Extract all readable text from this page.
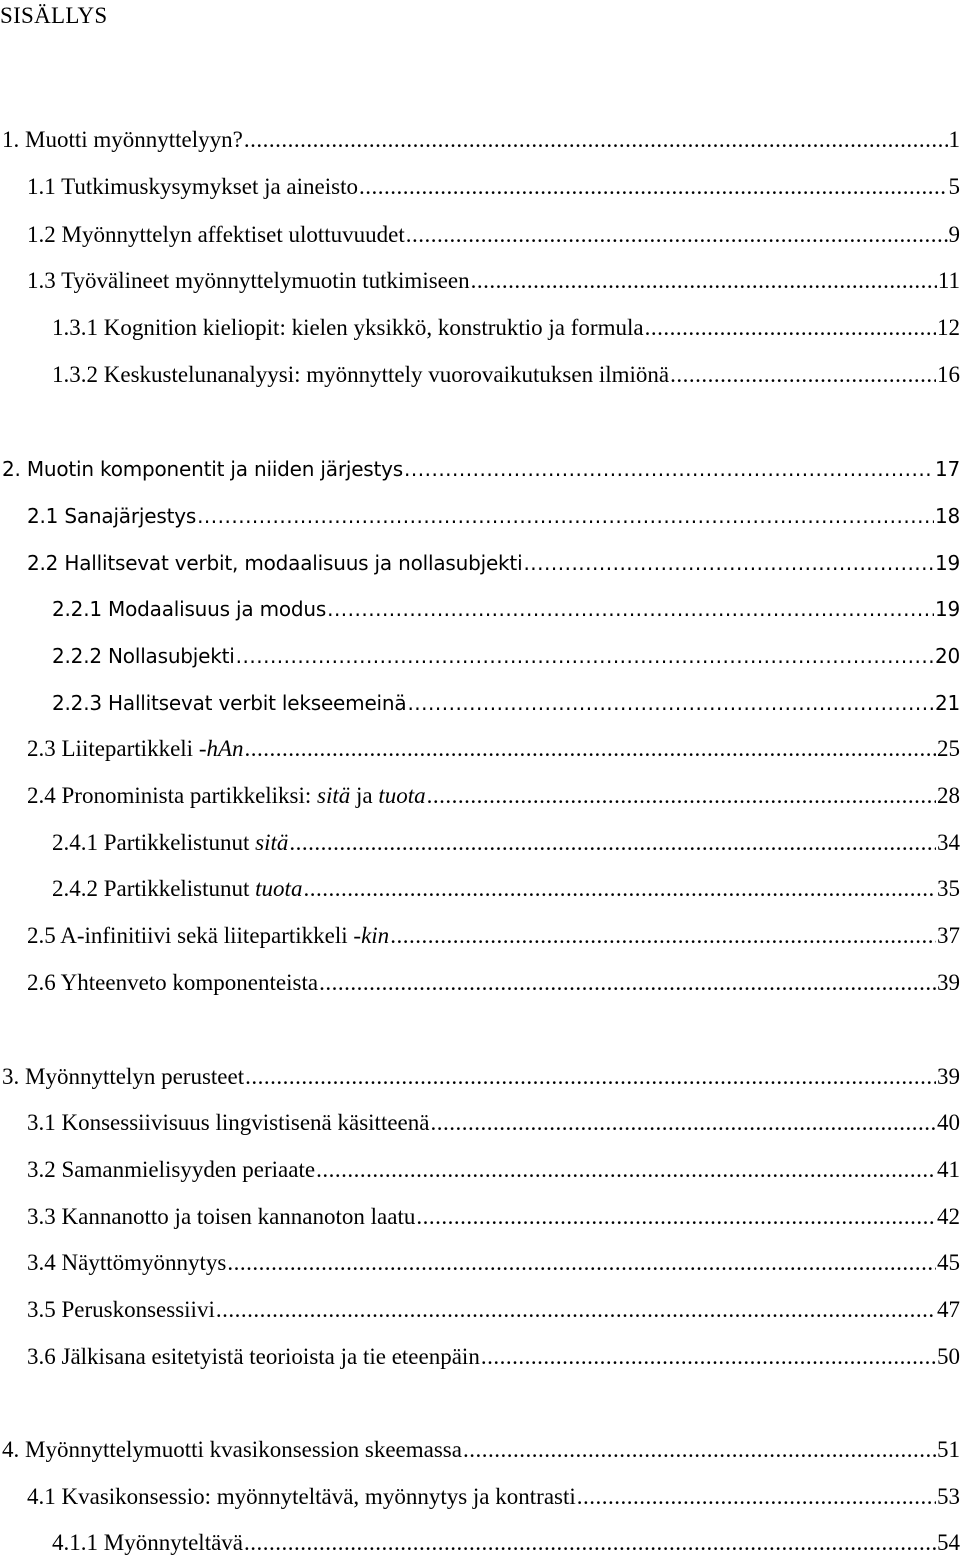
SISÄLLYS
1. Muotti myönnyttelyyn? .....	1
1.1 Tutkimuskysymykset ja aineisto .....	5
1.2 Myönnyttelyn affektiset ulottuvuudet .....	9
1.3 Työvälineet myönnyttelymuotin tutkimiseen .....	11
1.3.1 Kognition kieliopit: kielen yksikkö, konstruktio ja formula .....	12
1.3.2 Keskustelunanalyysi: myönnyttely vuorovaikutuksen ilmiönä .....	16
2. Muotin komponentit ja niiden järjestys .....	17
2.1 Sanajärjestys .....	18
2.2 Hallitsevat verbit, modaalisuus ja nollasubjekti .....	19
2.2.1 Modaalisuus ja modus .....	19
2.2.2 Nollasubjekti .....	20
2.2.3 Hallitsevat verbit lekseemeinä .....	21
2.3 Liitepartikkeli -hAn .....	25
2.4 Pronominista partikkeliksi: sitä ja tuota .....	28
2.4.1 Partikkelistunut sitä .....	34
2.4.2 Partikkelistunut tuota .....	35
2.5 A-infinitiivi sekä liitepartikkeli -kin .....	37
2.6 Yhteenveto komponenteista .....	39
3. Myönnyttelyn perusteet .....	39
3.1 Konsessiivisuus lingvistisenä käsitteenä .....	40
3.2 Samanmielisyyden periaate .....	41
3.3 Kannanotto ja toisen kannanoton laatu .....	42
3.4 Näyttömyönnytys .....	45
3.5 Peruskonsessiivi .....	47
3.6 Jälkisana esitetyistä teorioista ja tie eteenpäin .....	50
4. Myönnyttelymuotti kvasikonsession skeemassa .....	51
4.1 Kvasikonsessio: myönnyteltävä, myönnytys ja kontrasti .....	53
4.1.1 Myönnyteltävä .....	54
